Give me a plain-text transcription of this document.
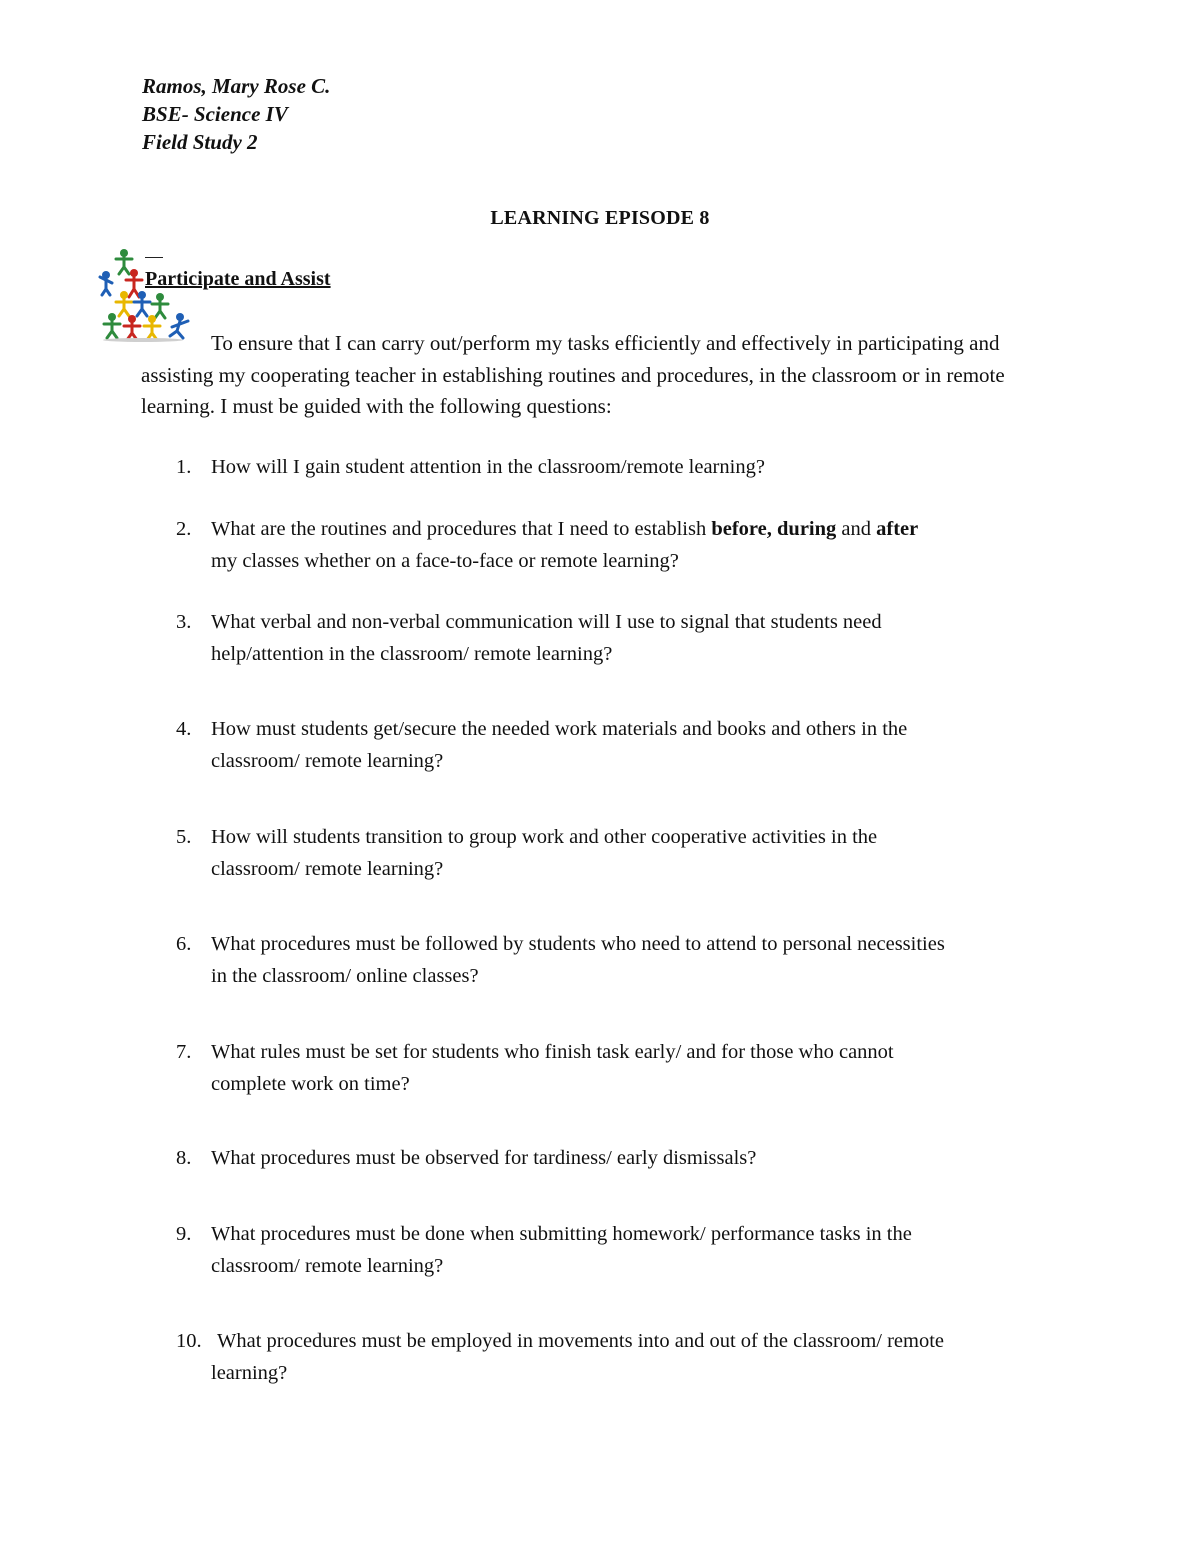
Ramos, Mary Rose C.
BSE- Science IV
Field Study 2
LEARNING EPISODE 8
Participate and Assist
To ensure that I can carry out/perform my tasks efficiently and effectively in participating and assisting my cooperating teacher in establishing routines and procedures, in the classroom or in remote learning. I must be guided with the following questions:
1. How will I gain student attention in the classroom/remote learning?
2. What are the routines and procedures that I need to establish before, during and after
my classes whether on a face-to-face or remote learning?
3. What verbal and non-verbal communication will I use to signal that students need
help/attention in the classroom/ remote learning?
4. How must students get/secure the needed work materials and books and others in the
classroom/ remote learning?
5. How will students transition to group work and other cooperative activities in the
classroom/ remote learning?
6. What procedures must be followed by students who need to attend to personal necessities
in the classroom/ online classes?
7. What rules must be set for students who finish task early/ and for those who cannot
complete work on time?
8. What procedures must be observed for tardiness/ early dismissals?
9. What procedures must be done when submitting homework/ performance tasks in the
classroom/ remote learning?
10. What procedures must be employed in movements into and out of the classroom/ remote
learning?
